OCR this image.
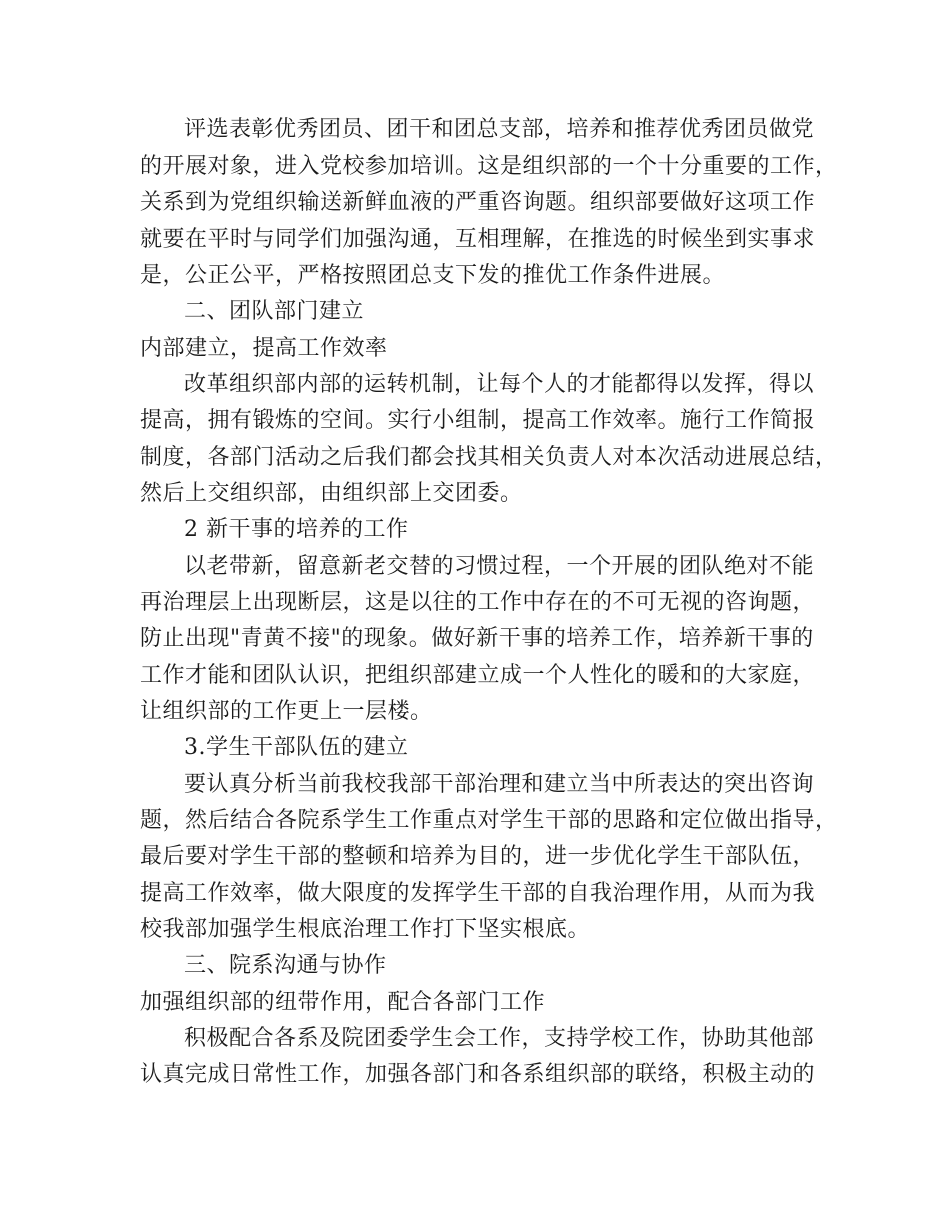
评选表彰优秀团员、团干和团总支部，培养和推荐优秀团员做党
的开展对象，进入党校参加培训。这是组织部的一个十分重要的工作，
关系到为党组织输送新鲜血液的严重咨询题。组织部要做好这项工作
就要在平时与同学们加强沟通，互相理解，在推选的时候坐到实事求
是，公正公平，严格按照团总支下发的推优工作条件进展。
二、团队部门建立
内部建立，提高工作效率
改革组织部内部的运转机制，让每个人的才能都得以发挥，得以
提高，拥有锻炼的空间。实行小组制，提高工作效率。施行工作简报
制度，各部门活动之后我们都会找其相关负责人对本次活动进展总结，
然后上交组织部，由组织部上交团委。
2 新干事的培养的工作
以老带新，留意新老交替的习惯过程，一个开展的团队绝对不能
再治理层上出现断层，这是以往的工作中存在的不可无视的咨询题，
防止出现"青黄不接"的现象。做好新干事的培养工作，培养新干事的
工作才能和团队认识，把组织部建立成一个人性化的暖和的大家庭，
让组织部的工作更上一层楼。
3.学生干部队伍的建立
要认真分析当前我校我部干部治理和建立当中所表达的突出咨询
题，然后结合各院系学生工作重点对学生干部的思路和定位做出指导，
最后要对学生干部的整顿和培养为目的，进一步优化学生干部队伍，
提高工作效率，做大限度的发挥学生干部的自我治理作用，从而为我
校我部加强学生根底治理工作打下坚实根底。
三、院系沟通与协作
加强组织部的纽带作用，配合各部门工作
积极配合各系及院团委学生会工作，支持学校工作，协助其他部
认真完成日常性工作，加强各部门和各系组织部的联络，积极主动的
